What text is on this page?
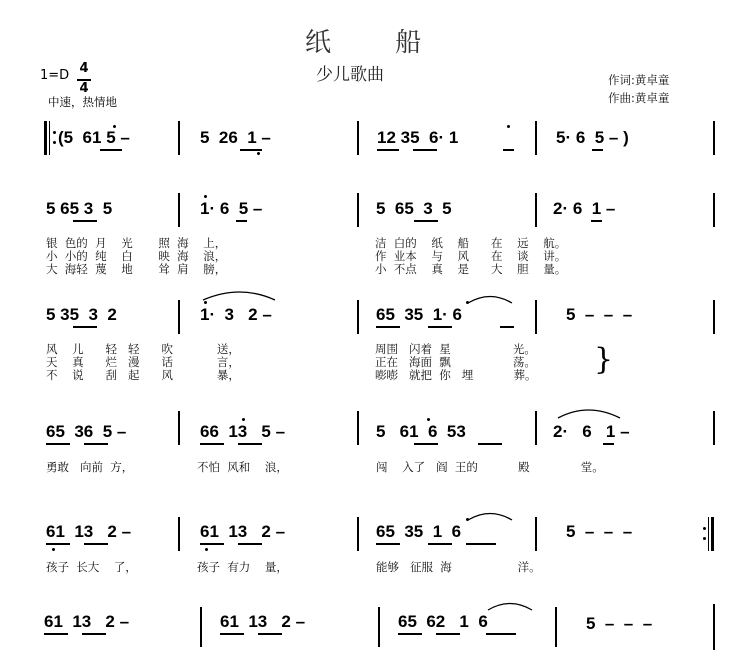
纸 船
少儿歌曲	作词:黄卓童
作曲:黄卓童
1=D 4
4
中速，热情地
(5  61 5 –	5  26  1 –	12 35  6· 1	5· 6  5 – )
5 65 3  5	1· 6  5 –	5  65  3  5	2· 6  1 –
银  色的  月    光       照  海    上，	洁  白的    纸    船      在    远    航。
小  小的  纯    白       映  海    浪，	作  业本    与    风      在    谈    讲。
大  海轻  蔑    地       耸  肩    膀，	小  不点    真    是      大    胆    量。
5 35  3  2	1·  3   2 –	65  35  1· 6	5  –  –  –
风    儿      轻   轻      吹            送，	周围   闪着  星                 光。
天    真      烂   漫      话            言，	正在   海面  飘                 荡。
不    说      刮   起      风            暴，	嘭嘭   就把  你   埋           葬。 }
65  36  5 –	66  13   5 –	5   61  6  53	2·   6   1 –
勇敢   向前  方，	不怕  风和    浪，	闯    入了   阎  王的           殿              堂。
61  13   2 –	61  13   2 –	65  35  1  6	5  –  –  –
孩子  长大    了，	孩子  有力    量，	能够   征服  海                  洋。
61  13   2 –	61  13   2 –	65  62   1  6	5  –  –  –
